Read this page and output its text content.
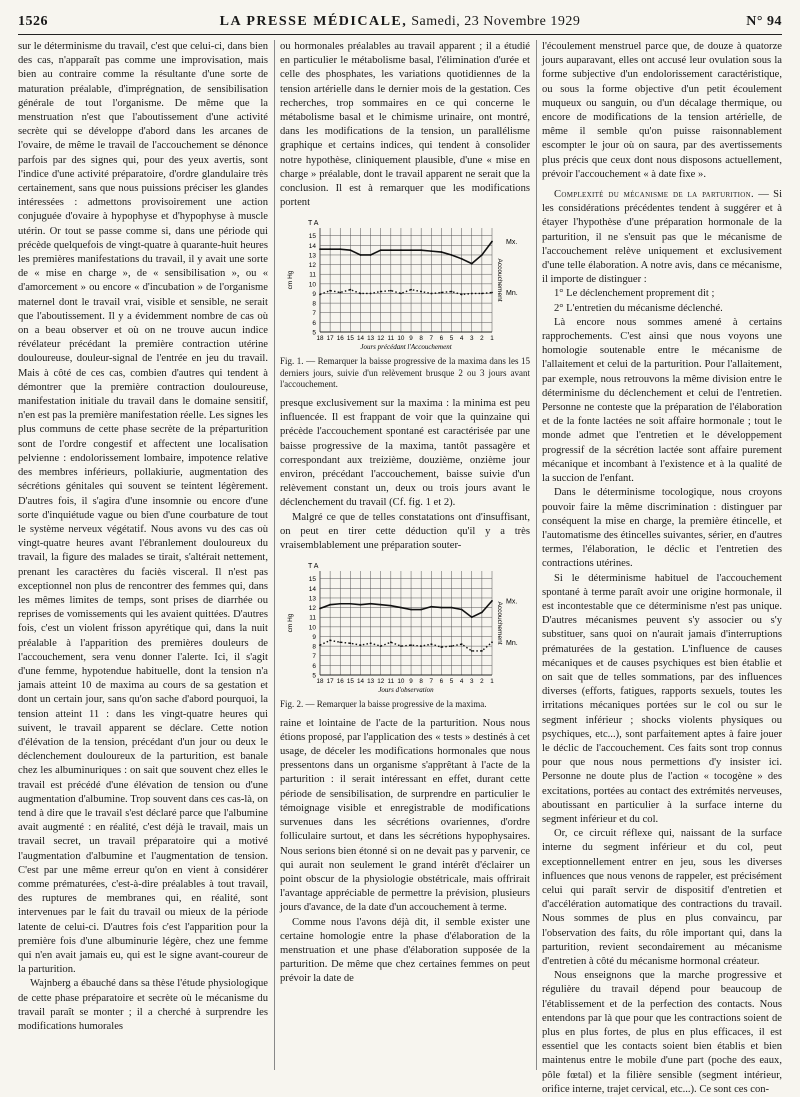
1526	LA PRESSE MÉDICALE, Samedi, 23 Novembre 1929	N° 94

sur le déterminisme du travail, c'est que celui-ci, dans bien des cas, n'apparaît pas comme une improvisation, mais bien au contraire comme la résultante d'une sorte de maturation préalable, d'imprégnation, de sensibilisation générale de tout l'organisme. De même que la menstruation n'est que l'aboutissement d'une activité secrète qui se développe d'abord dans les arcanes de l'ovaire, de même le travail de l'accouchement se dénonce parfois par des signes qui, pour des yeux avertis, sont l'indice d'une activité préparatoire, d'ordre glandulaire très certainement, sans que nous puissions préciser les glandes intéressées : admettons provisoirement une action conjuguée d'ovaire à hypophyse et d'hypophyse à muscle utérin. Or tout se passe comme si, dans une période qui précède quelquefois de vingt-quatre à quarante-huit heures les premières manifestations du travail, il y avait une sorte de « mise en charge », de « sensibilisation », ou « d'amorcement » ou encore « d'incubation » de l'organisme maternel dont le travail vrai, visible et sensible, ne serait que l'aboutissement. Il y a évidemment nombre de cas où on a beau observer et où on ne trouve aucun indice révélateur précédant la première contraction utérine douloureuse, douleur-signal de l'entrée en jeu du travail. Mais à côté de ces cas, combien d'autres qui tendent à démontrer que la première contraction douloureuse, manifestation initiale du travail dans le domaine sensitif, n'en est pas la première manifestation réelle. Les signes les plus communs de cette phase secrète de la préparturition sont de l'ordre congestif et affectent une localisation pelvienne : endolorissement lombaire, impotence relative des membres inférieurs, pollakiurie, augmentation des sécrétions génitales qui souvent se teintent légèrement. D'autres fois, il s'agira d'une insomnie ou encore d'une sorte d'inquiétude vague ou bien d'une courbature de tout le système nerveux végétatif. Nous avons vu des cas où vingt-quatre heures avant l'ébranlement douloureux du travail, la figure des malades se tirait, s'altérait nettement, prenant les caractères du faciès visceral. Il n'est pas exceptionnel non plus de rencontrer des femmes qui, dans les mêmes limites de temps, sont prises de diarrhée ou reprises de vomissements qui les avaient quittées. D'autres fois, c'est un violent frisson apyrétique qui, dans la nuit préalable à l'apparition des premières douleurs de l'accouchement, sera venu donner l'alerte. Ici, il s'agit d'une femme, hypotendue habituelle, dont la tension n'a jamais atteint 10 de maxima au cours de sa gestation et dont un certain jour, sans qu'on sache d'abord pourquoi, la tension atteint 11 : dans les vingt-quatre heures qui suivent, le travail apparent se déclare. Cette notion d'élévation de la tension, précédant d'un jour ou deux le déclenchement douloureux de la parturition, est banale chez les albuminuriques : on sait que souvent chez elles le travail est précédé d'une élévation de tension ou d'une augmentation d'albumine. Trop souvent dans ces cas-là, on tend à dire que le travail s'est déclaré parce que l'albumine avait augmenté : en réalité, c'est déjà le travail, mais un travail secret, un travail préparatoire qui a motivé l'augmentation d'albumine et l'augmentation de tension. C'est par une même erreur qu'on en vient à considérer comme prématurées, c'est-à-dire préalables à tout travail, des ruptures de membranes qui, en réalité, sont intervenues par le fait du travail ou mieux de la période latente de celui-ci. D'autres fois c'est l'apparition pour la première fois d'une albuminurie légère, chez une femme qui n'en avait jamais eu, qui est le signe avant-coureur de la parturition.

Wajnberg a ébauché dans sa thèse l'étude physiologique de cette phase préparatoire et secrète où le mécanisme du travail paraît se monter ; il a cherché à surprendre les modifications humorales

ou hormonales préalables au travail apparent ; il a étudié en particulier le métabolisme basal, l'élimination d'urée et celle des phosphates, les variations quotidiennes de la tension artérielle dans le dernier mois de la gestation. Ces recherches, trop sommaires en ce qui concerne le métabolisme basal et le chimisme urinaire, ont montré, dans les modifications de la tension, un parallélisme graphique et certains indices, qui tendent à consolider notre hypothèse, cliniquement plausible, d'une « mise en charge » préalable, dont le travail apparent ne serait que la conclusion. Il est à remarquer que les modifications portent

15
14
13
12
11
10
9
8
7
6
5
T A
cm Hg	Accouchement
18 17 16 15 14 13 12 11 10 9 8 7 6 5 4 3 2 1
Jours précédant l'Accouchement
Mx.
Mn.

Fig. 1. — Remarquer la baisse progressive de la maxima dans les 15 derniers jours, suivie d'un relèvement brusque 2 ou 3 jours avant l'accouchement.

presque exclusivement sur la maxima : la minima est peu influencée. Il est frappant de voir que la quinzaine qui précède l'accouchement spontané est caractérisée par une baisse progressive de la maxima, tantôt passagère et correspondant aux treizième, douzième, onzième jour environ, précédant l'accouchement, baisse suivie d'un relèvement constant un, deux ou trois jours avant le déclenchement du travail (Cf. fig. 1 et 2).

Malgré ce que de telles constatations ont d'insuffisant, on peut en tirer cette déduction qu'il y a très vraisemblablement une préparation souter-

15
14
13
12
11
10
9
8
7
6
5
T A
cm Hg	Accouchement
18 17 16 15 14 13 12 11 10 9 8 7 6 5 4 3 2 1
Jours d'observation
Mx.
Mn.

Fig. 2. — Remarquer la baisse progressive de la maxima.

raine et lointaine de l'acte de la parturition. Nous nous étions proposé, par l'application des « tests » destinés à cet usage, de déceler les modifications hormonales que nous pressentons dans un organisme s'apprêtant à l'acte de la parturition : il serait intéressant en effet, durant cette période de sensibilisation, de surprendre en particulier le témoignage visible et enregistrable de modifications survenues dans les sécrétions ovariennes, d'ordre folliculaire surtout, et dans les sécrétions hypophysaires. Nous serions bien étonné si on ne devait pas y parvenir, ce qui aurait non seulement le grand intérêt d'éclairer un point obscur de la physiologie obstétricale, mais offrirait l'avantage appréciable de permettre la prévision, plusieurs jours d'avance, de la date d'un accouchement à terme.

Comme nous l'avons déjà dit, il semble exister une certaine homologie entre la phase d'élaboration de la menstruation et une phase d'élaboration supposée de la parturition. De même que chez certaines femmes on peut prévoir la date de

l'écoulement menstruel parce que, de douze à quatorze jours auparavant, elles ont accusé leur ovulation sous la forme subjective d'un endolorissement caractéristique, ou sous la forme objective d'un petit écoulement muqueux ou sanguin, ou d'un décalage thermique, ou encore de modifications de la tension artérielle, de même il semble qu'on puisse raisonnablement escompter le jour où on saura, par des avertissements plus précis que ceux dont nous disposons actuellement, prévoir l'accouchement « à date fixe ».

Complexité du mécanisme de la parturition. — Si les considérations précédentes tendent à suggérer et à étayer l'hypothèse d'une préparation hormonale de la parturition, il ne s'ensuit pas que le mécanisme de l'accouchement relève uniquement et exclusivement d'une telle élaboration. A notre avis, dans ce mécanisme, il importe de distinguer :

1° Le déclenchement proprement dit ;

2° L'entretien du mécanisme déclenché.

Là encore nous sommes amené à certains rapprochements. C'est ainsi que nous voyons une homologie soutenable entre le mécanisme de l'allaitement et celui de la parturition. Pour l'allaitement, par exemple, nous retrouvons la même division entre le déterminisme du déclenchement et celui de l'entretien. Personne ne conteste que la préparation de l'élaboration et de la fonte lactées ne soit affaire hormonale ; tout le monde admet que l'entretien et le développement progressif de la sécrétion lactée sont affaire purement mécanique et incombant à l'existence et à la qualité de la succion de l'enfant.

Dans le déterminisme tocologique, nous croyons pouvoir faire la même discrimination : distinguer par conséquent la mise en charge, la première étincelle, et l'automatisme des étincelles suivantes, sérier, en d'autres termes, l'élaboration, le déclic et l'entretien des contractions utérines.

Si le déterminisme habituel de l'accouchement spontané à terme paraît avoir une origine hormonale, il est incontestable que ce déterminisme n'est pas unique. D'autres mécanismes peuvent s'y associer ou s'y substituer, sans quoi on n'aurait jamais d'interruptions prématurées de la gestation. L'influence de causes mécaniques et de causes psychiques est bien établie et on sait que de telles sommations, par des influences diverses (efforts, fatigues, rapports sexuels, toutes les irritations mécaniques portées sur le col ou sur le segment inférieur ; shocks violents physiques ou psychiques, etc...), sont parfaitement aptes à faire jouer le déclic de l'accouchement. Ces faits sont trop connus pour que nous nous permettions d'y insister ici. Personne ne doute plus de l'action « tocogène » des excitations, portées au contact des extrémités nerveuses, aboutissant en particulier à la surface interne du segment inférieur et du col.

Or, ce circuit réflexe qui, naissant de la surface interne du segment inférieur et du col, peut exceptionnellement entrer en jeu, sous les diverses influences que nous venons de rappeler, est précisément celui qui paraît servir de dispositif d'entretien et d'accélération automatique des contractions du travail. Nous sommes de plus en plus convaincu, par l'observation des faits, du rôle important qui, dans la parturition, revient secondairement au mécanisme d'entretien à côté du mécanisme hormonal créateur.

Nous enseignons que la marche progressive et régulière du travail dépend pour beaucoup de l'établissement et de la perfection des contacts. Nous entendons par là que pour que les contractions soient de plus en plus fortes, de plus en plus efficaces, il est essentiel que les contacts soient bien établis et bien maintenus entre le mobile d'une part (poche des eaux, pôle fœtal) et la filière sensible (segment intérieur, orifice interne, trajet cervical, etc...). Ce sont ces con-
